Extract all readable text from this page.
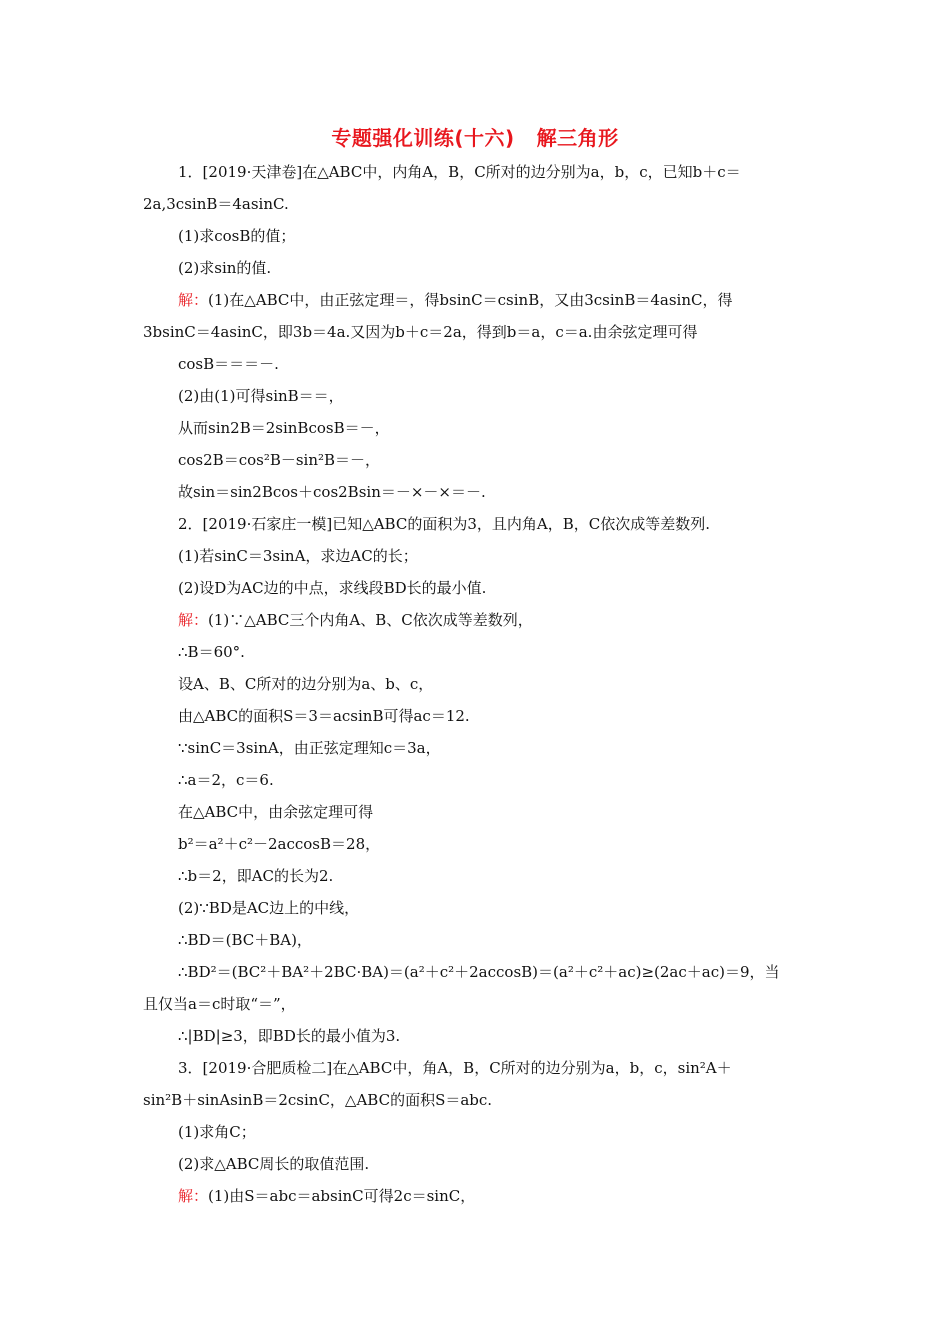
专题强化训练(十六) 解三角形
1．[2019·天津卷]在△ABC中，内角A，B，C所对的边分别为a，b，c，已知b＋c＝
2a,3csinB＝4asinC.
(1)求cosB的值；
(2)求sin的值.
解：(1)在△ABC中，由正弦定理＝，得bsinC＝csinB，又由3csinB＝4asinC，得
3bsinC＝4asinC，即3b＝4a.又因为b＋c＝2a，得到b＝a，c＝a.由余弦定理可得
cosB＝＝＝－.
(2)由(1)可得sinB＝＝，
从而sin2B＝2sinBcosB＝－，
cos2B＝cos²B－sin²B＝－，
故sin＝sin2Bcos＋cos2Bsin＝－×－×＝－.
2．[2019·石家庄一模]已知△ABC的面积为3，且内角A，B，C依次成等差数列.
(1)若sinC＝3sinA，求边AC的长；
(2)设D为AC边的中点，求线段BD长的最小值.
解：(1)∵△ABC三个内角A、B、C依次成等差数列，
∴B＝60°.
设A、B、C所对的边分别为a、b、c，
由△ABC的面积S＝3＝acsinB可得ac＝12.
∵sinC＝3sinA，由正弦定理知c＝3a，
∴a＝2，c＝6.
在△ABC中，由余弦定理可得
b²＝a²＋c²－2accosB＝28，
∴b＝2，即AC的长为2.
(2)∵BD是AC边上的中线，
∴BD＝(BC＋BA)，
∴BD²＝(BC²＋BA²＋2BC·BA)＝(a²＋c²＋2accosB)＝(a²＋c²＋ac)≥(2ac＋ac)＝9，当
且仅当a＝c时取“＝”，
∴|BD|≥3，即BD长的最小值为3.
3．[2019·合肥质检二]在△ABC中，角A，B，C所对的边分别为a，b，c，sin²A＋
sin²B＋sinAsinB＝2csinC，△ABC的面积S＝abc.
(1)求角C；
(2)求△ABC周长的取值范围.
解：(1)由S＝abc＝absinC可得2c＝sinC，
